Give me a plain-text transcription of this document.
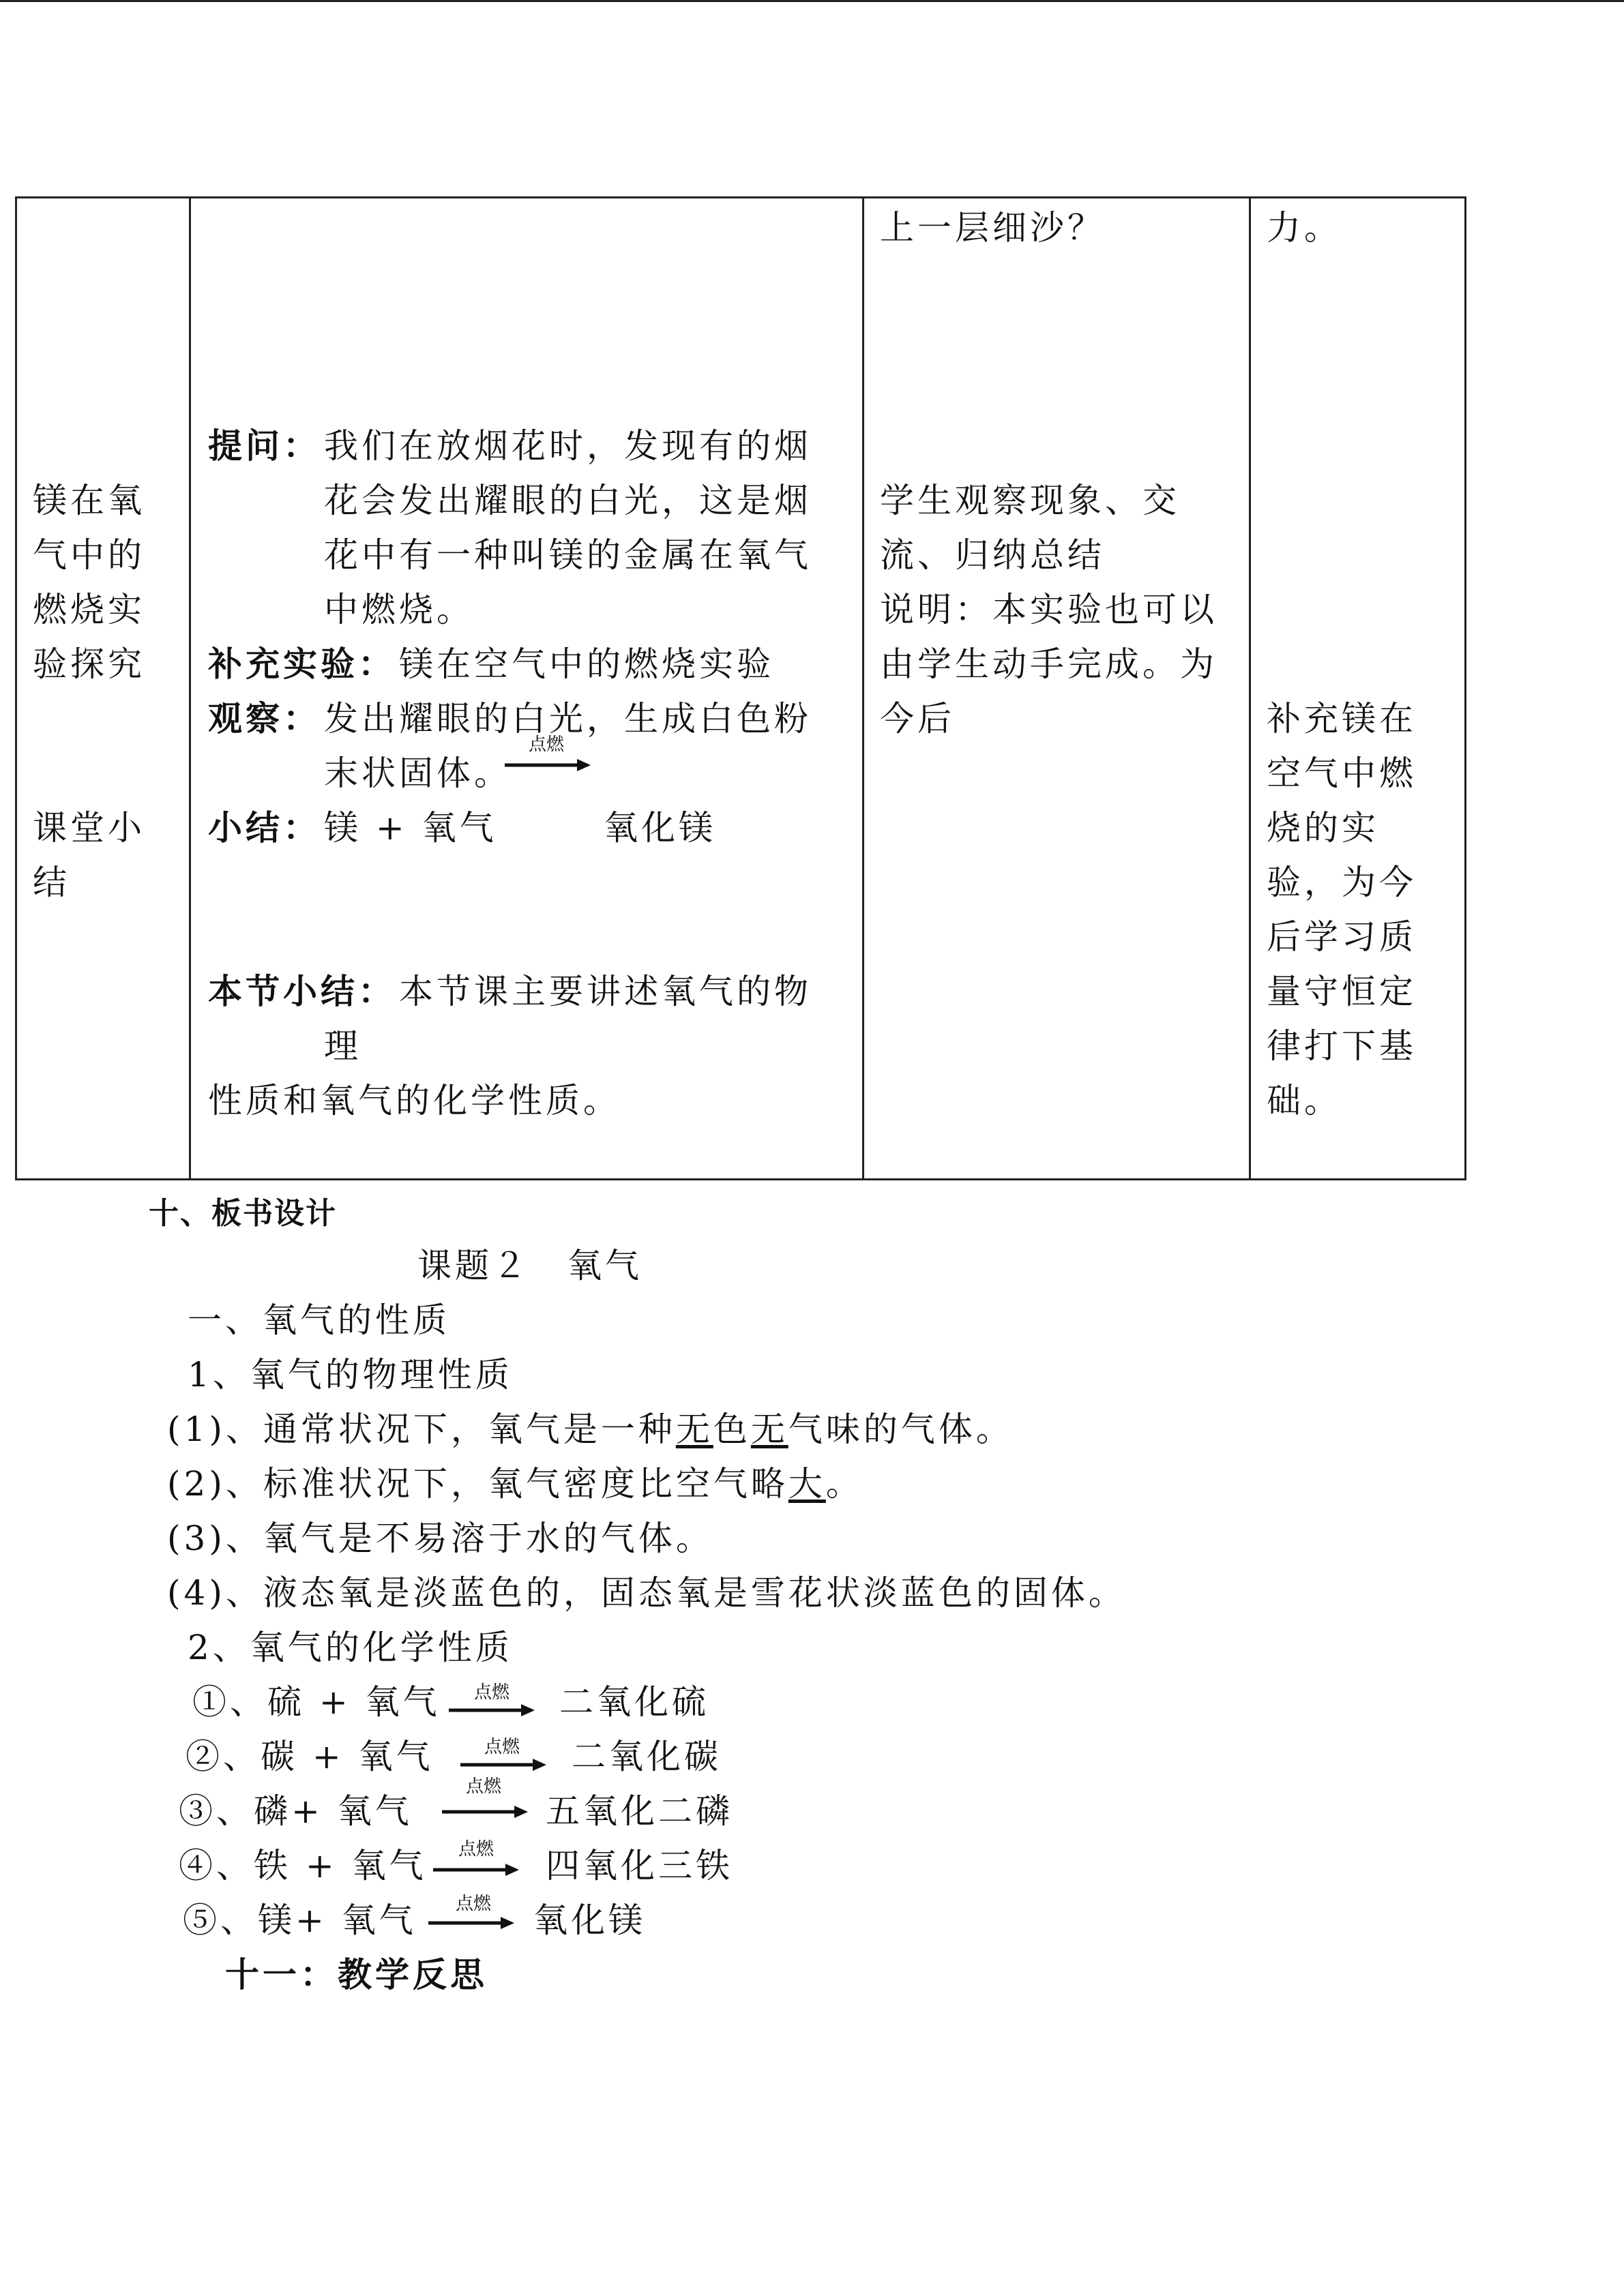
镁在氧
气中的
燃烧实
验探究
课堂小
结
提问： 我们在放烟花时，发现有的烟
花会发出耀眼的白光，这是烟
花中有一种叫镁的金属在氧气
中燃烧。
补充实验： 镁在空气中的燃烧实验
观察： 发出耀眼的白光，生成白色粉
末状固体。
点燃
小结： 镁 + 氧气	氧化镁
本节小结： 本节课主要讲述氧气的物
理
性质和氧气的化学性质。
上一层细沙？
学生观察现象、交
流、归纳总结
说明：本实验也可以
由学生动手完成。为
今后
力。
补充镁在
空气中燃
烧的实
验，为今
后学习质
量守恒定
律打下基
础。
十、板书设计
课题２　氧气
一、氧气的性质
1、氧气的物理性质
(1)、通常状况下，氧气是一种无色无气味的气体。
(2)、标准状况下，氧气密度比空气略大。
(3)、氧气是不易溶于水的气体。
(4)、液态氧是淡蓝色的，固态氧是雪花状淡蓝色的固体。
2、氧气的化学性质
①、硫 + 氧气 点燃 二氧化硫
②、碳 + 氧气	点燃 二氧化碳
③、磷+ 氧气
点燃
五氧化二磷
④、铁 + 氧气 点燃 四氧化三铁
⑤、镁+ 氧气 点燃 氧化镁
十一：教学反思
